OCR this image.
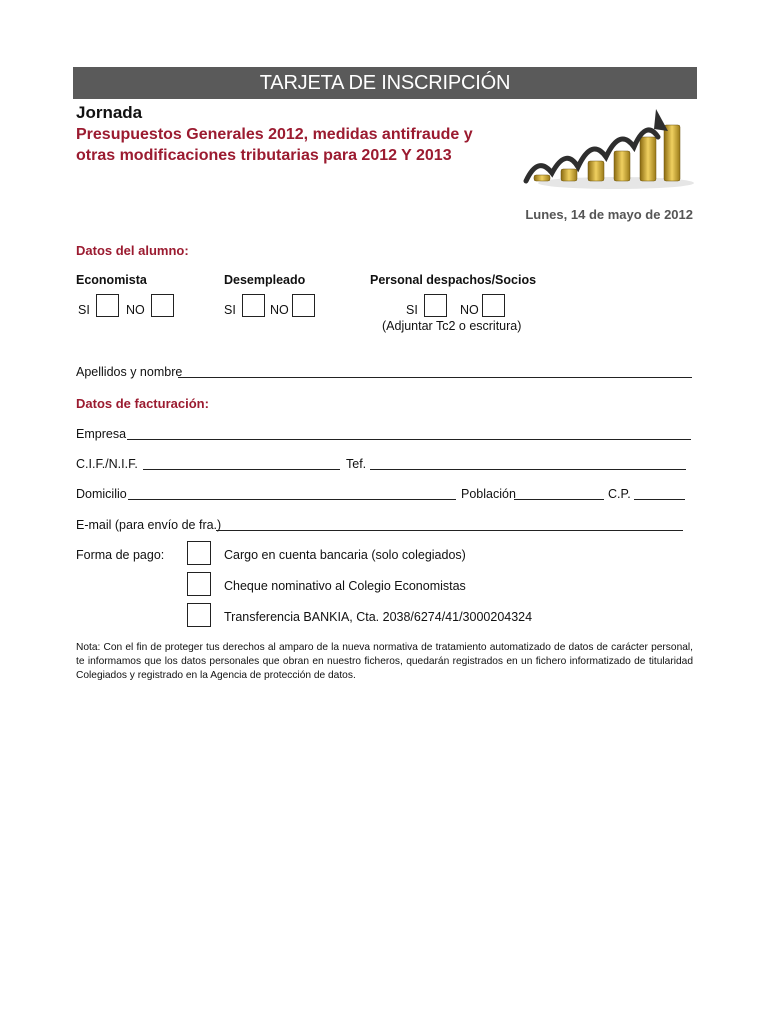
TARJETA DE INSCRIPCIÓN
Jornada
Presupuestos Generales 2012, medidas antifraude y
otras modificaciones tributarias para 2012 Y 2013
Lunes, 14 de mayo de 2012
Datos del alumno:
Economista	Desempleado	Personal despachos/Socios
SI	NO	SI	NO	SI	NO
(Adjuntar Tc2 o escritura)
Apellidos y nombre
Datos de facturación:
Empresa
C.I.F./N.I.F.	Tef.
Domicilio	Población	C.P.
E-mail (para envío de fra.)
Forma de pago:	Cargo en cuenta bancaria (solo colegiados)
Cheque nominativo al Colegio Economistas
Transferencia BANKIA, Cta. 2038/6274/41/3000204324
Nota: Con el fin de proteger tus derechos al amparo de la nueva normativa de tratamiento automatizado de datos de carácter personal, te informamos que los datos personales que obran en nuestro ficheros, quedarán registrados en un fichero informatizado de titularidad Colegiados y registrado en la Agencia de protección de datos.
